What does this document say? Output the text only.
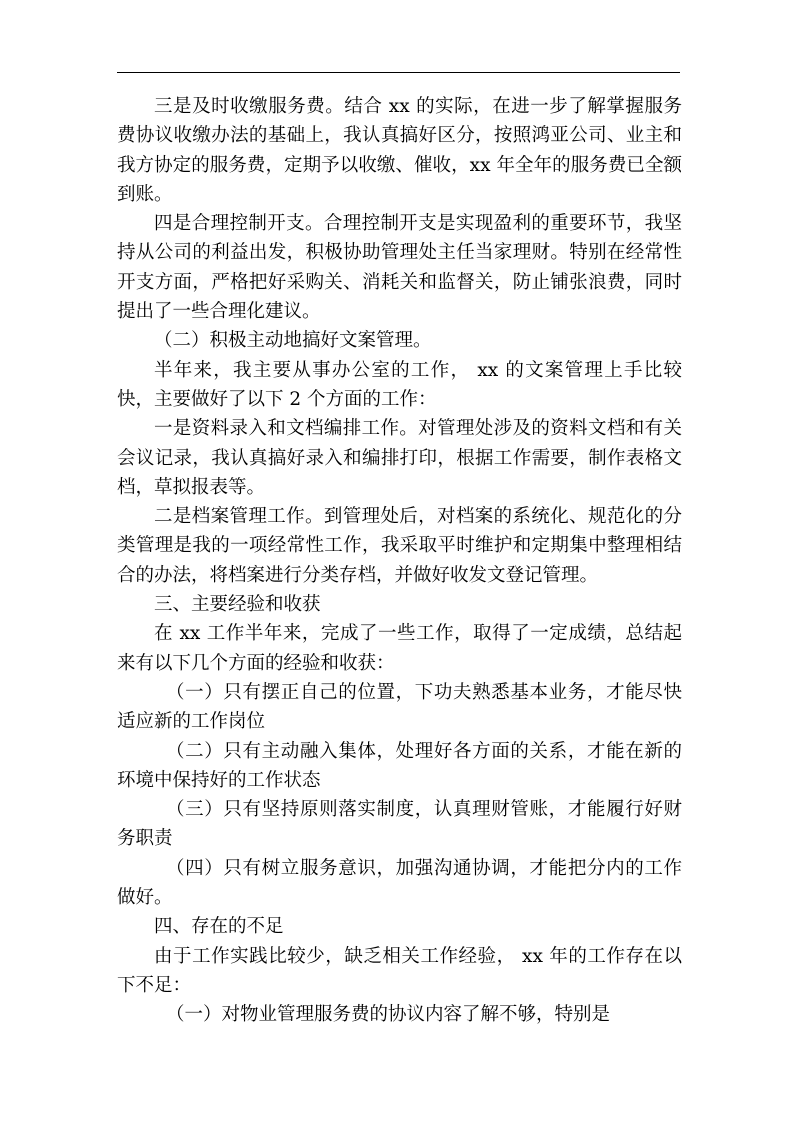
三是及时收缴服务费。结合 xx 的实际，在进一步了解掌握服务费协议收缴办法的基础上，我认真搞好区分，按照鸿亚公司、业主和我方协定的服务费，定期予以收缴、催收，xx 年全年的服务费已全额到账。

四是合理控制开支。合理控制开支是实现盈利的重要环节，我坚持从公司的利益出发，积极协助管理处主任当家理财。特别在经常性开支方面，严格把好采购关、消耗关和监督关，防止铺张浪费，同时提出了一些合理化建议。

（二）积极主动地搞好文案管理。

半年来，我主要从事办公室的工作， xx 的文案管理上手比较快，主要做好了以下 2 个方面的工作：

一是资料录入和文档编排工作。对管理处涉及的资料文档和有关会议记录，我认真搞好录入和编排打印，根据工作需要，制作表格文档，草拟报表等。

二是档案管理工作。到管理处后，对档案的系统化、规范化的分类管理是我的一项经常性工作，我采取平时维护和定期集中整理相结合的办法，将档案进行分类存档，并做好收发文登记管理。

三、主要经验和收获

在 xx 工作半年来，完成了一些工作，取得了一定成绩，总结起来有以下几个方面的经验和收获：

（一）只有摆正自己的位置，下功夫熟悉基本业务，才能尽快适应新的工作岗位

（二）只有主动融入集体，处理好各方面的关系，才能在新的环境中保持好的工作状态

（三）只有坚持原则落实制度，认真理财管账，才能履行好财务职责

（四）只有树立服务意识，加强沟通协调，才能把分内的工作做好。

四、存在的不足

由于工作实践比较少，缺乏相关工作经验， xx 年的工作存在以下不足：

（一）对物业管理服务费的协议内容了解不够，特别是
